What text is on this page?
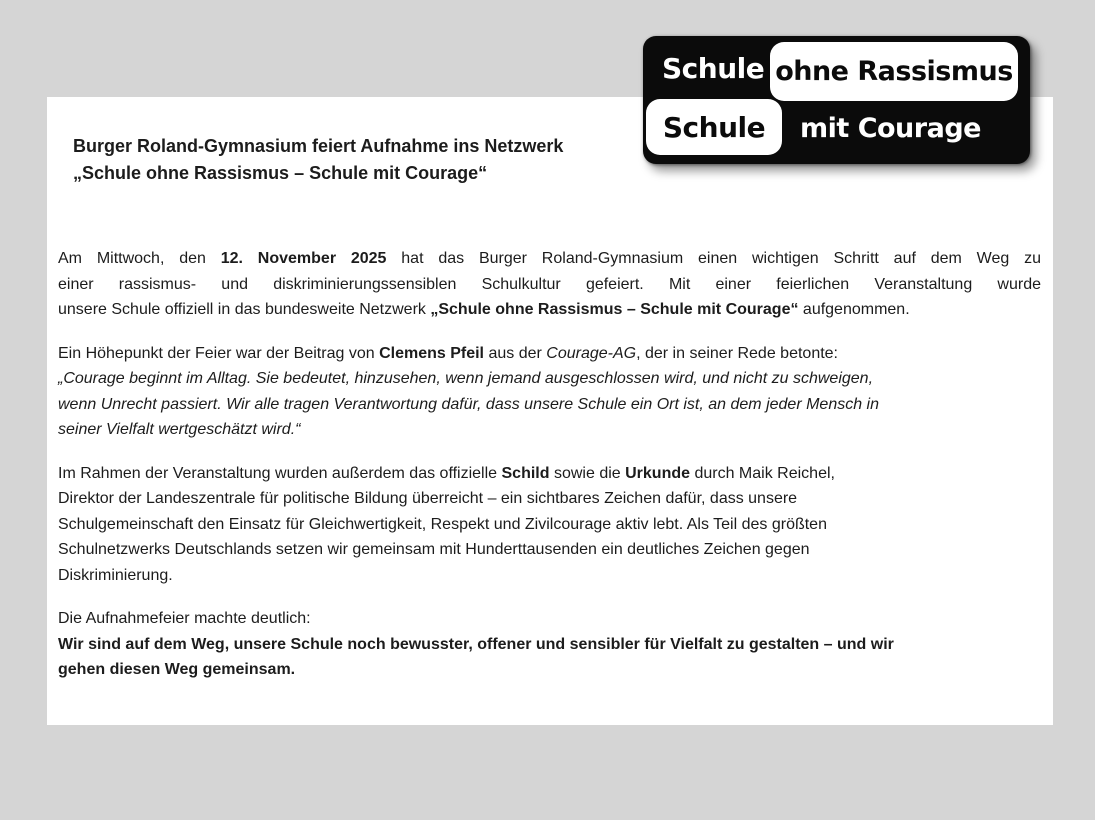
Burger Roland-Gymnasium feiert Aufnahme ins Netzwerk
„Schule ohne Rassismus – Schule mit Courage“
Am Mittwoch, den 12. November 2025 hat das Burger Roland-Gymnasium einen wichtigen Schritt auf dem Weg zu
einer rassismus- und diskriminierungssensiblen Schulkultur gefeiert. Mit einer feierlichen Veranstaltung wurde
unsere Schule offiziell in das bundesweite Netzwerk „Schule ohne Rassismus – Schule mit Courage“ aufgenommen.
Ein Höhepunkt der Feier war der Beitrag von Clemens Pfeil aus der Courage-AG, der in seiner Rede betonte:
„Courage beginnt im Alltag. Sie bedeutet, hinzusehen, wenn jemand ausgeschlossen wird, und nicht zu schweigen,
wenn Unrecht passiert. Wir alle tragen Verantwortung dafür, dass unsere Schule ein Ort ist, an dem jeder Mensch in
seiner Vielfalt wertgeschätzt wird.“
Im Rahmen der Veranstaltung wurden außerdem das offizielle Schild sowie die Urkunde durch Maik Reichel,
Direktor der Landeszentrale für politische Bildung überreicht – ein sichtbares Zeichen dafür, dass unsere
Schulgemeinschaft den Einsatz für Gleichwertigkeit, Respekt und Zivilcourage aktiv lebt. Als Teil des größten
Schulnetzwerks Deutschlands setzen wir gemeinsam mit Hunderttausenden ein deutliches Zeichen gegen
Diskriminierung.
Die Aufnahmefeier machte deutlich:
Wir sind auf dem Weg, unsere Schule noch bewusster, offener und sensibler für Vielfalt zu gestalten – und wir
gehen diesen Weg gemeinsam.
Schule ohne Rassismus
Schule	mit Courage
